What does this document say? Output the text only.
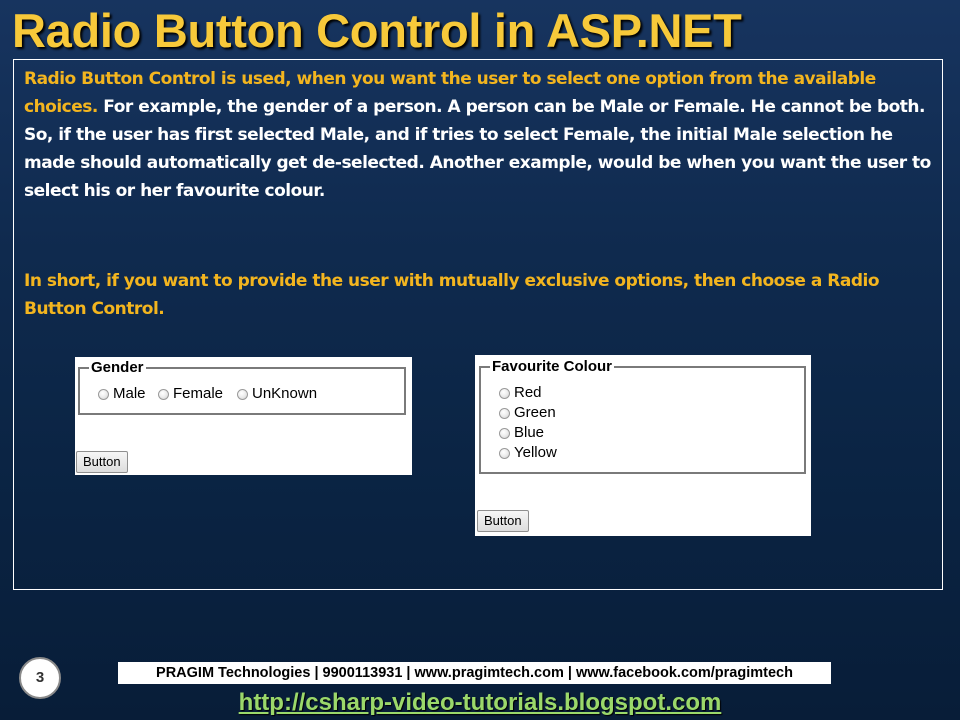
Radio Button Control in ASP.NET

Radio Button Control is used, when you want the user to select one option from the available choices. For example, the gender of a person. A person can be Male or Female. He cannot be both. So, if the user has first selected Male, and if tries to select Female, the initial Male selection he made should automatically get de-selected. Another example, would be when you want the user to select his or her favourite colour.

In short, if you want to provide the user with mutually exclusive options, then choose a Radio Button Control.

Gender
Male Female UnKnown
Button
Favourite Colour
Red
Green
Blue
Yellow
Button
3	PRAGIM Technologies | 9900113931 | www.pragimtech.com | www.facebook.com/pragimtech
http://csharp-video-tutorials.blogspot.com
